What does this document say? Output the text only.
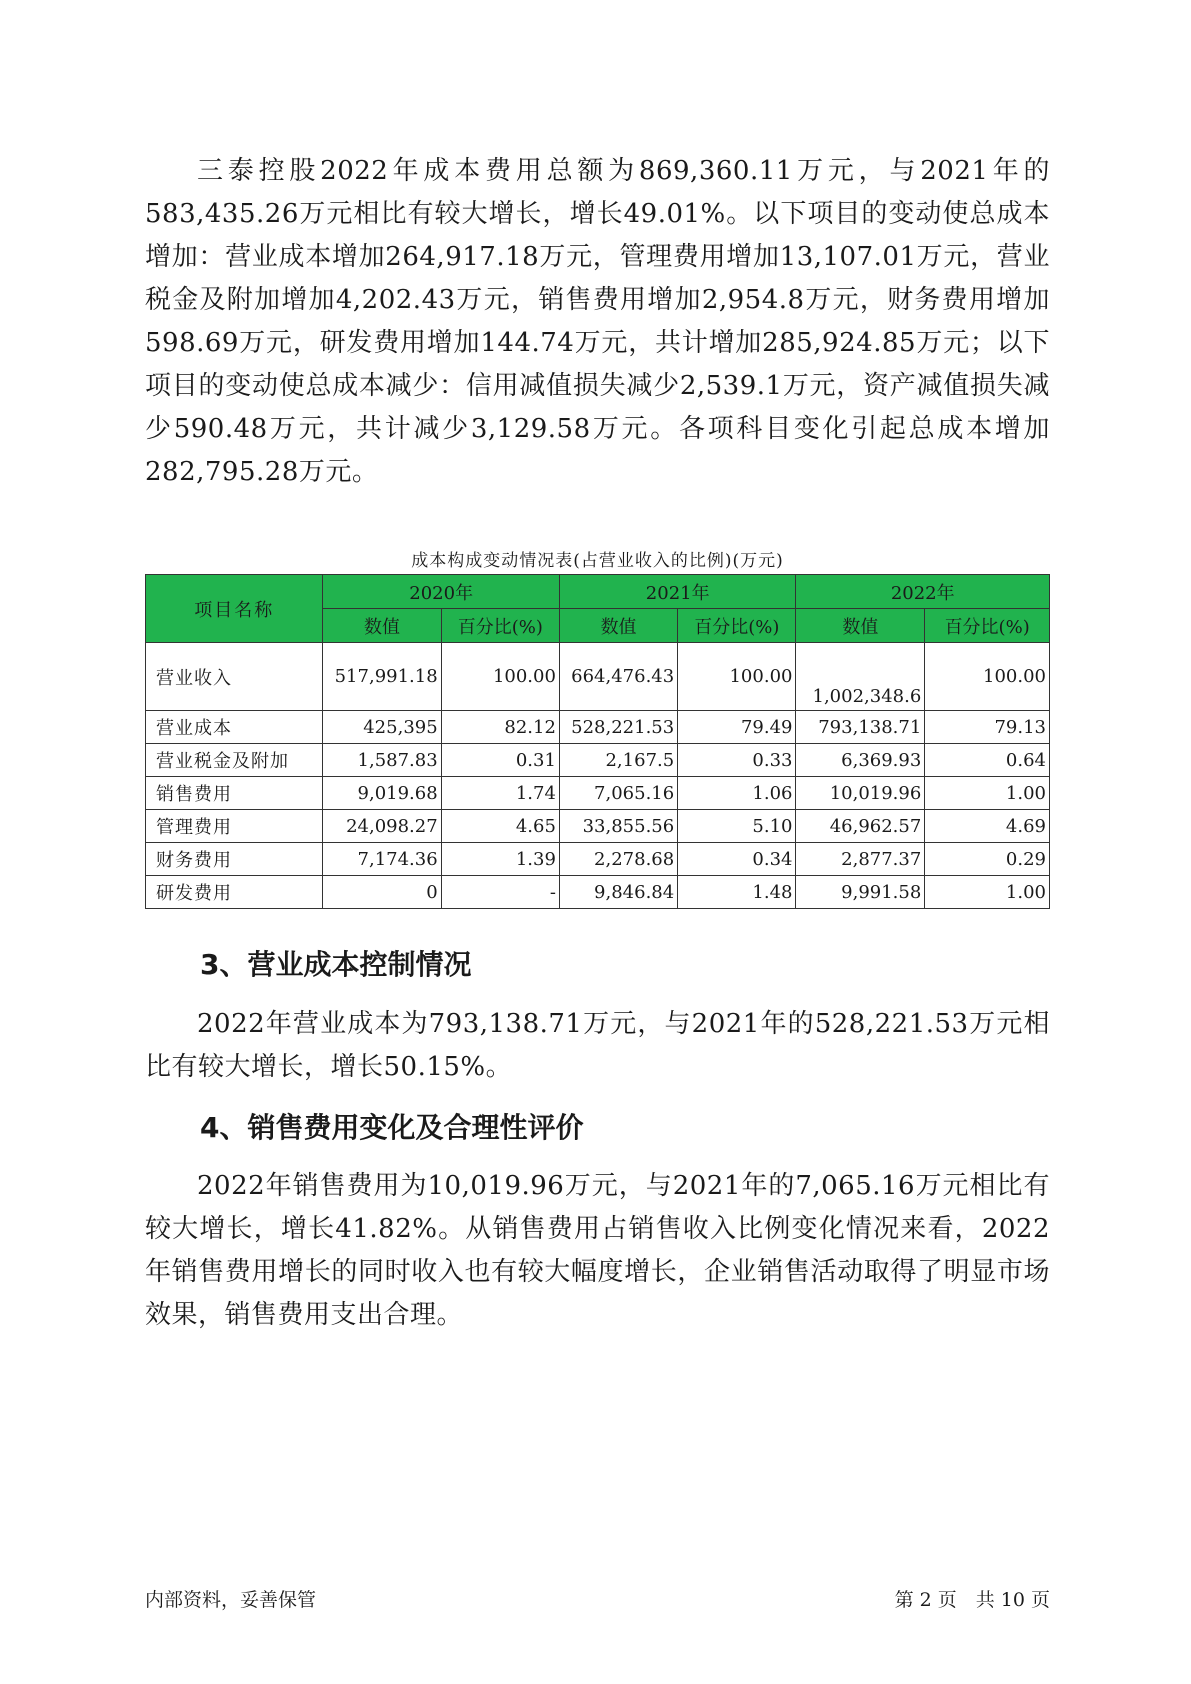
三泰控股2022年成本费用总额为869,360.11万元，与2021年的583,435.26万元相比有较大增长，增长49.01%。以下项目的变动使总成本增加：营业成本增加264,917.18万元，管理费用增加13,107.01万元，营业税金及附加增加4,202.43万元，销售费用增加2,954.8万元，财务费用增加598.69万元，研发费用增加144.74万元，共计增加285,924.85万元；以下项目的变动使总成本减少：信用减值损失减少2,539.1万元，资产减值损失减少590.48万元，共计减少3,129.58万元。各项科目变化引起总成本增加282,795.28万元。

成本构成变动情况表(占营业收入的比例)(万元)
项目名称	2020年		2021年		2022年	
	数值	百分比(%)	数值	百分比(%)	数值	百分比(%)
营业收入	517,991.18	100.00	664,476.43	100.00	1,002,348.6	100.00
营业成本	425,395	82.12	528,221.53	79.49	793,138.71	79.13
营业税金及附加	1,587.83	0.31	2,167.5	0.33	6,369.93	0.64
销售费用	9,019.68	1.74	7,065.16	1.06	10,019.96	1.00
管理费用	24,098.27	4.65	33,855.56	5.10	46,962.57	4.69
财务费用	7,174.36	1.39	2,278.68	0.34	2,877.37	0.29
研发费用	0	-	9,846.84	1.48	9,991.58	1.00
3、营业成本控制情况

2022年营业成本为793,138.71万元，与2021年的528,221.53万元相比有较大增长，增长50.15%。

4、销售费用变化及合理性评价

2022年销售费用为10,019.96万元，与2021年的7,065.16万元相比有较大增长，增长41.82%。从销售费用占销售收入比例变化情况来看，2022年销售费用增长的同时收入也有较大幅度增长，企业销售活动取得了明显市场效果，销售费用支出合理。

内部资料，妥善保管	第 2 页　共 10 页
